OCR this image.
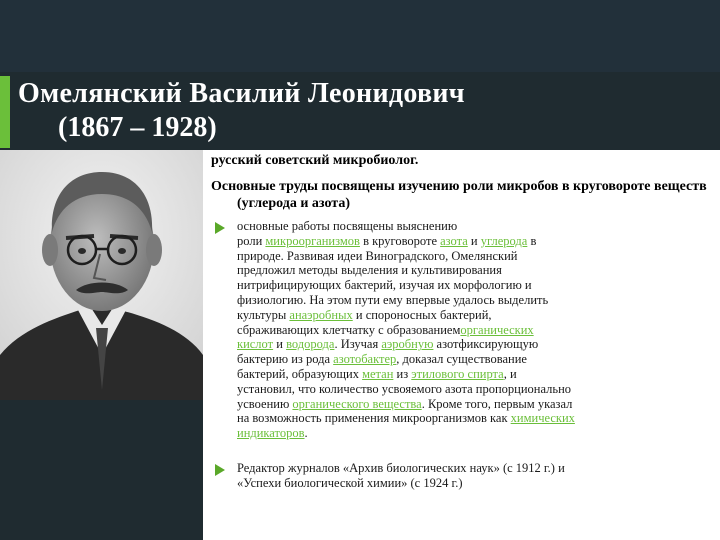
Омелянский Василий Леонидович
(1867 – 1928)

русский советский микробиолог.

Основные труды посвящены изучению роли микробов в круговороте веществ (углерода и азота)

основные работы посвящены выяснению
роли микроорганизмов в круговороте азота и углерода в
природе. Развивая идеи Виноградского, Омелянский
предложил методы выделения и культивирования
нитрифицирующих бактерий, изучая их морфологию и
физиологию. На этом пути ему впервые удалось выделить
культуры анаэробных и спороносных бактерий,
сбраживающих клетчатку с образованиеморганических
кислот и водорода. Изучая аэробную азотфиксирующую
бактерию из рода азотобактер, доказал существование
бактерий, образующих метан из этилового спирта, и
установил, что количество усвояемого азота пропорционально
усвоению органического вещества. Кроме того, первым указал
на возможность применения микроорганизмов как химических
индикаторов.
Редактор журналов «Архив биологических наук» (с 1912 г.) и
«Успехи биологической химии» (с 1924 г.)
